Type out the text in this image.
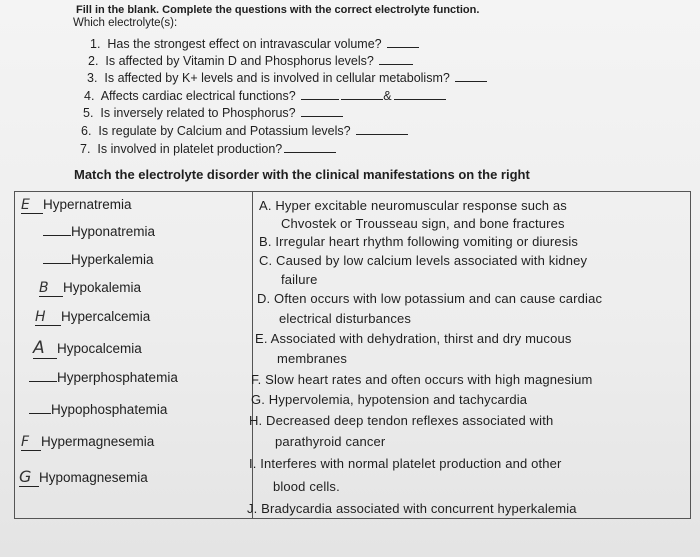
Fill in the blank. Complete the questions with the correct electrolyte function.
Which electrolyte(s):
1. Has the strongest effect on intravascular volume?
2. Is affected by Vitamin D and Phosphorus levels?
3. Is affected by K+ levels and is involved in cellular metabolism?
4. Affects cardiac electrical functions?	&
5. Is inversely related to Phosphorus?
6. Is regulate by Calcium and Potassium levels?
7. Is involved in platelet production?
Match the electrolyte disorder with the clinical manifestations on the right
E Hypernatremia
Hyponatremia
Hyperkalemia
B Hypokalemia
H Hypercalcemia
A Hypocalcemia
Hyperphosphatemia
Hypophosphatemia
F Hypermagnesemia
G Hypomagnesemia
A. Hyper excitable neuromuscular response such as
Chvostek or Trousseau sign, and bone fractures
B. Irregular heart rhythm following vomiting or diuresis
C. Caused by low calcium levels associated with kidney
failure
D. Often occurs with low potassium and can cause cardiac
electrical disturbances
E. Associated with dehydration, thirst and dry mucous
membranes
F. Slow heart rates and often occurs with high magnesium
G. Hypervolemia, hypotension and tachycardia
H. Decreased deep tendon reflexes associated with
parathyroid cancer
I. Interferes with normal platelet production and other
blood cells.
J. Bradycardia associated with concurrent hyperkalemia
